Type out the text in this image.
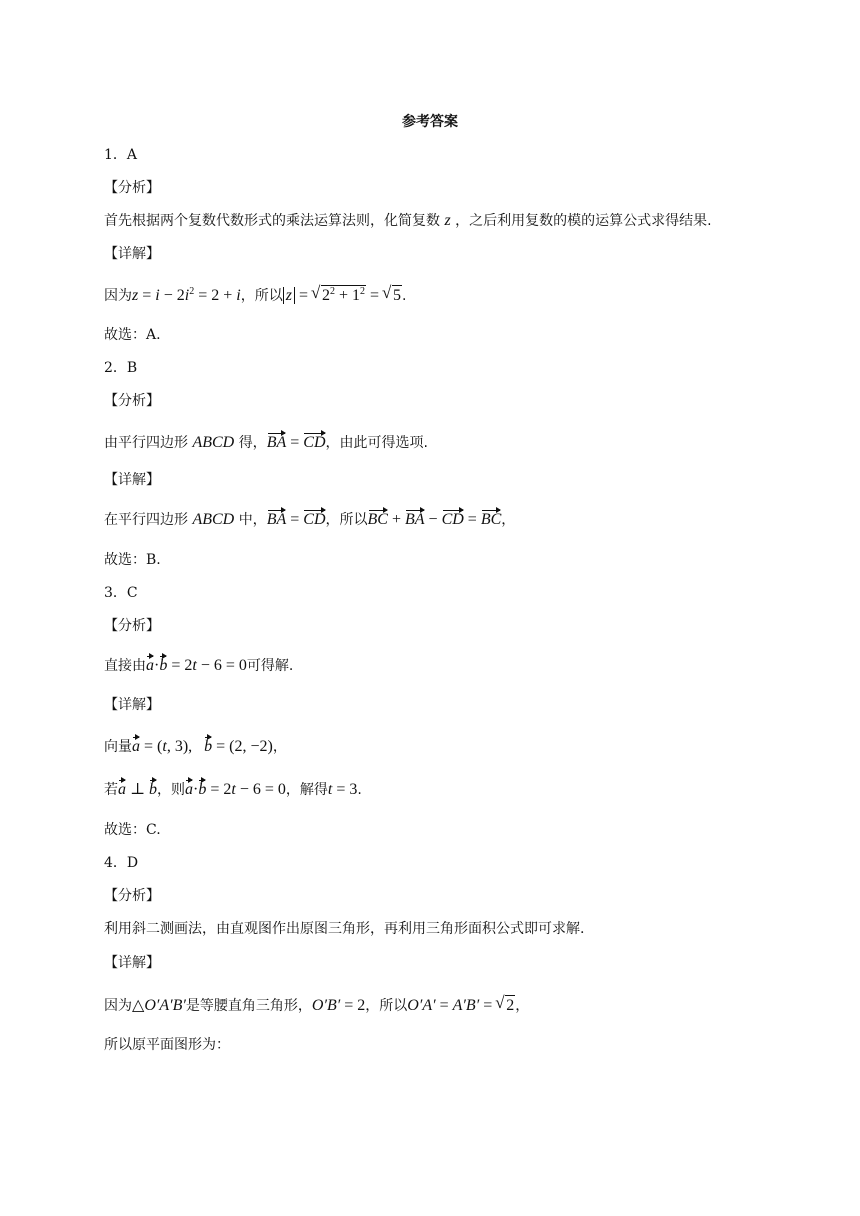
参考答案
1．A
【分析】
首先根据两个复数代数形式的乘法运算法则，化简复数 z ，之后利用复数的模的运算公式求得结果.
【详解】
因为$z = i - 2i^2 = 2 + i$，所以 z = √ $2^2 + 1^2$ = √ 5.
故选：A.
2．B
【分析】
由平行四边形 ABCD 得，BA = CD，由此可得选项.
【详解】
在平行四边形 ABCD 中，BA = CD，所以BC + BA − CD = BC，
故选：B.
3．C
【分析】
直接由a·b = 2t − 6 = 0可得解.
【详解】
向量a = (t, 3),   b = (2, −2)，
若a ⊥ b，则a·b = 2t − 6 = 0，解得t = 3.
故选：C.
4．D
【分析】
利用斜二测画法，由直观图作出原图三角形，再利用三角形面积公式即可求解.
【详解】
因为△O′A′B′是等腰直角三角形，O′B′ = 2，所以O′A′ = A′B′ = √ 2，
所以原平面图形为：
